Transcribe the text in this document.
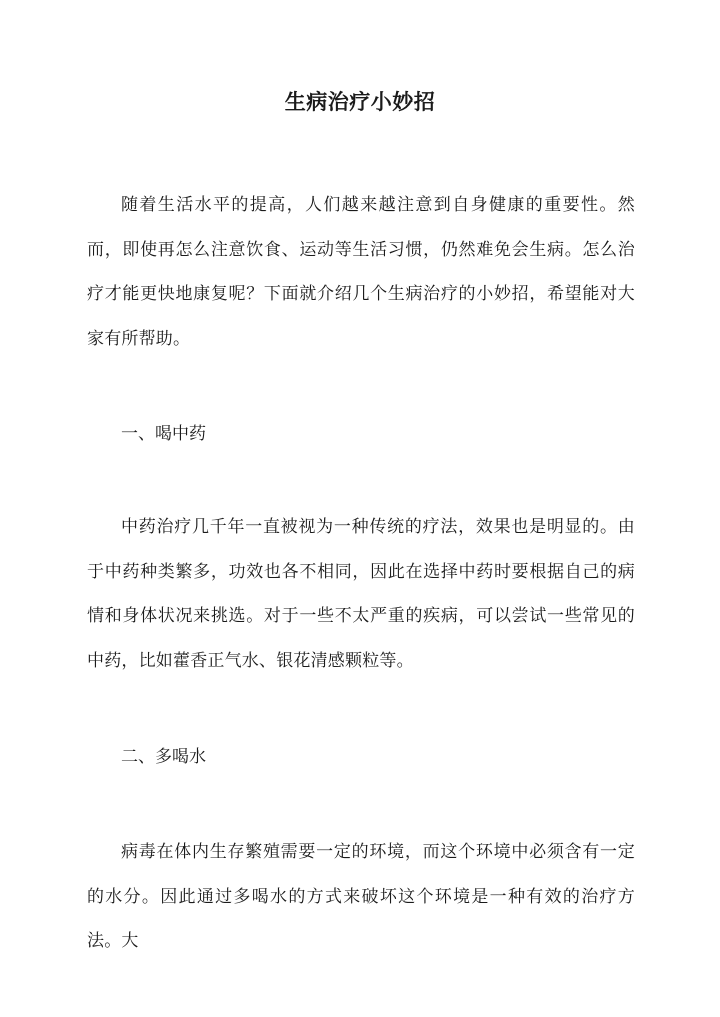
生病治疗小妙招

随着生活水平的提高，人们越来越注意到自身健康的重要性。然而，即使再怎么注意饮食、运动等生活习惯，仍然难免会生病。怎么治疗才能更快地康复呢？下面就介绍几个生病治疗的小妙招，希望能对大家有所帮助。

一、喝中药

中药治疗几千年一直被视为一种传统的疗法，效果也是明显的。由于中药种类繁多，功效也各不相同，因此在选择中药时要根据自己的病情和身体状况来挑选。对于一些不太严重的疾病，可以尝试一些常见的中药，比如藿香正气水、银花清感颗粒等。

二、多喝水

病毒在体内生存繁殖需要一定的环境，而这个环境中必须含有一定的水分。因此通过多喝水的方式来破坏这个环境是一种有效的治疗方法。大
